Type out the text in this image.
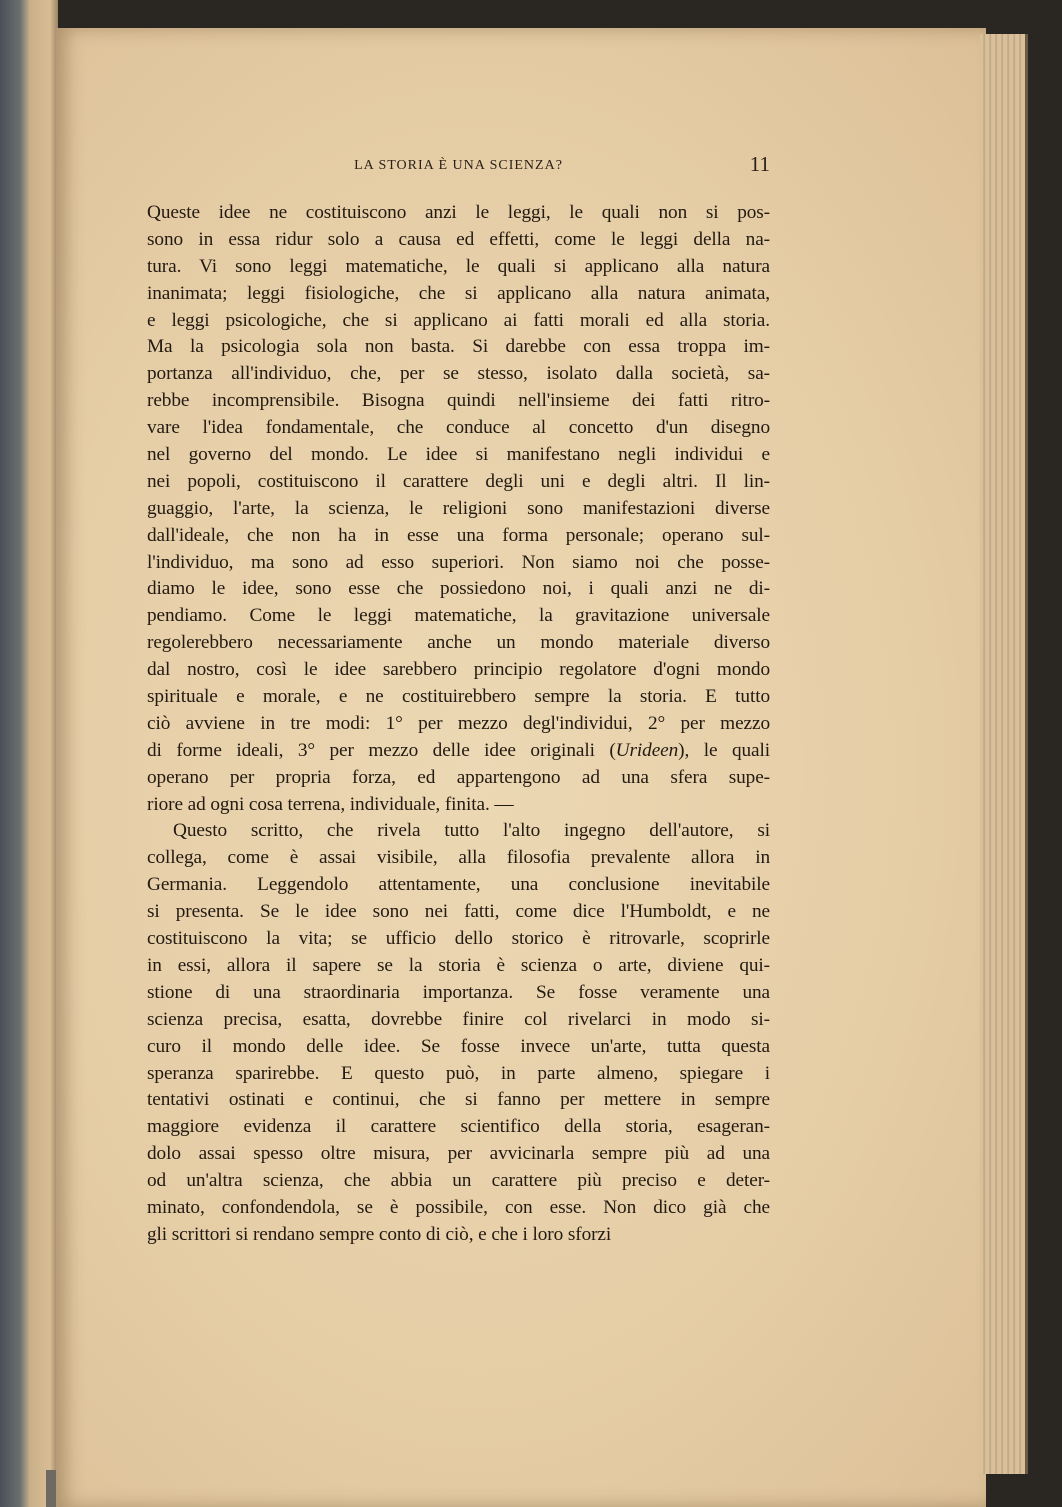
LA STORIA È UNA SCIENZA?	11
Queste idee ne costituiscono anzi le leggi, le quali non si pos-
sono in essa ridur solo a causa ed effetti, come le leggi della na-
tura. Vi sono leggi matematiche, le quali si applicano alla natura
inanimata; leggi fisiologiche, che si applicano alla natura animata,
e leggi psicologiche, che si applicano ai fatti morali ed alla storia.
Ma la psicologia sola non basta. Si darebbe con essa troppa im-
portanza all'individuo, che, per se stesso, isolato dalla società, sa-
rebbe incomprensibile. Bisogna quindi nell'insieme dei fatti ritro-
vare l'idea fondamentale, che conduce al concetto d'un disegno
nel governo del mondo. Le idee si manifestano negli individui e
nei popoli, costituiscono il carattere degli uni e degli altri. Il lin-
guaggio, l'arte, la scienza, le religioni sono manifestazioni diverse
dall'ideale, che non ha in esse una forma personale; operano sul-
l'individuo, ma sono ad esso superiori. Non siamo noi che posse-
diamo le idee, sono esse che possiedono noi, i quali anzi ne di-
pendiamo. Come le leggi matematiche, la gravitazione universale
regolerebbero necessariamente anche un mondo materiale diverso
dal nostro, così le idee sarebbero principio regolatore d'ogni mondo
spirituale e morale, e ne costituirebbero sempre la storia. E tutto
ciò avviene in tre modi: 1° per mezzo degl'individui, 2° per mezzo
di forme ideali, 3° per mezzo delle idee originali (Urideen), le quali
operano per propria forza, ed appartengono ad una sfera supe-
riore ad ogni cosa terrena, individuale, finita. —
Questo scritto, che rivela tutto l'alto ingegno dell'autore, si
collega, come è assai visibile, alla filosofia prevalente allora in
Germania. Leggendolo attentamente, una conclusione inevitabile
si presenta. Se le idee sono nei fatti, come dice l'Humboldt, e ne
costituiscono la vita; se ufficio dello storico è ritrovarle, scoprirle
in essi, allora il sapere se la storia è scienza o arte, diviene qui-
stione di una straordinaria importanza. Se fosse veramente una
scienza precisa, esatta, dovrebbe finire col rivelarci in modo si-
curo il mondo delle idee. Se fosse invece un'arte, tutta questa
speranza sparirebbe. E questo può, in parte almeno, spiegare i
tentativi ostinati e continui, che si fanno per mettere in sempre
maggiore evidenza il carattere scientifico della storia, esageran-
dolo assai spesso oltre misura, per avvicinarla sempre più ad una
od un'altra scienza, che abbia un carattere più preciso e deter-
minato, confondendola, se è possibile, con esse. Non dico già che
gli scrittori si rendano sempre conto di ciò, e che i loro sforzi
